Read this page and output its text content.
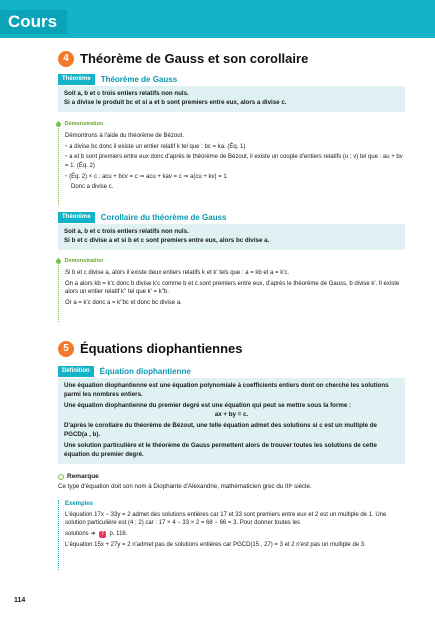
Cours
4 Théorème de Gauss et son corollaire
Théorème	Théorème de Gauss

Soit a, b et c trois entiers relatifs non nuls.

Si a divise le produit bc et si a et b sont premiers entre eux, alors a divise c.

Démonstration

Démontrons à l'aide du théorème de Bézout.

• a divise bc donc il existe un entier relatif k tel que : bc = ka. (Éq. 1)

• a et b sont premiers entre eux donc d'après le théorème de Bézout, il existe un couple d'entiers relatifs (u ; v) tel que : au + bv = 1. (Éq. 2)

• (Éq. 2) × c : acu + bcv = c ⇒ acu + kav = c ⇒ a(cu + kv) = 1

Donc a divise c.

Théorème	Corollaire du théorème de Gauss

Soit a, b et c trois entiers relatifs non nuls.

Si b et c divise a et si b et c sont premiers entre eux, alors bc divise a.

Démonstration

Si b et c divise a, alors il existe deux entiers relatifs k et k' tels que : a = kb et a = k'c.

On a alors kb = k'c donc b divise k'c comme b et c sont premiers entre eux, d'après le théorème de Gauss, b divise k'. Il existe alors un entier relatif k'' tel que k' = k''b.

Or a = k'c donc a = k''bc et donc bc divise a.

5 Équations diophantiennes
Définition	Équation diophantienne

Une équation diophantienne est une équation polynomiale à coefficients entiers dont on cherche les solutions parmi les nombres entiers.

Une équation diophantienne du premier degré est une équation qui peut se mettre sous la forme :

ax + by = c.

D'après le corollaire du théorème de Bézout, une telle équation admet des solutions si c est un multiple de PGCD(a , b).

Une solution particulière et le théorème de Gauss permettent alors de trouver toutes les solutions de cette équation du premier degré.

Remarque

Ce type d'équation doit son nom à Diophante d'Alexandrie, mathématicien grec du IIIᵉ siècle.

Exemples

L'équation 17x − 33y = 2 admet des solutions entières car 17 et 33 sont premiers entre eux et 2 est un multiple de 1. Une solution particulière est (4 ; 2) car : 17 × 4 − 33 × 2 = 68 − 66 = 3. Pour donner toutes les

solutions ➜ 7 p. 116.

L'équation 15x + 27y = 2 n'admet pas de solutions entières car PGCD(15 , 27) = 3 et 2 n'est pas un multiple de 3.

114
